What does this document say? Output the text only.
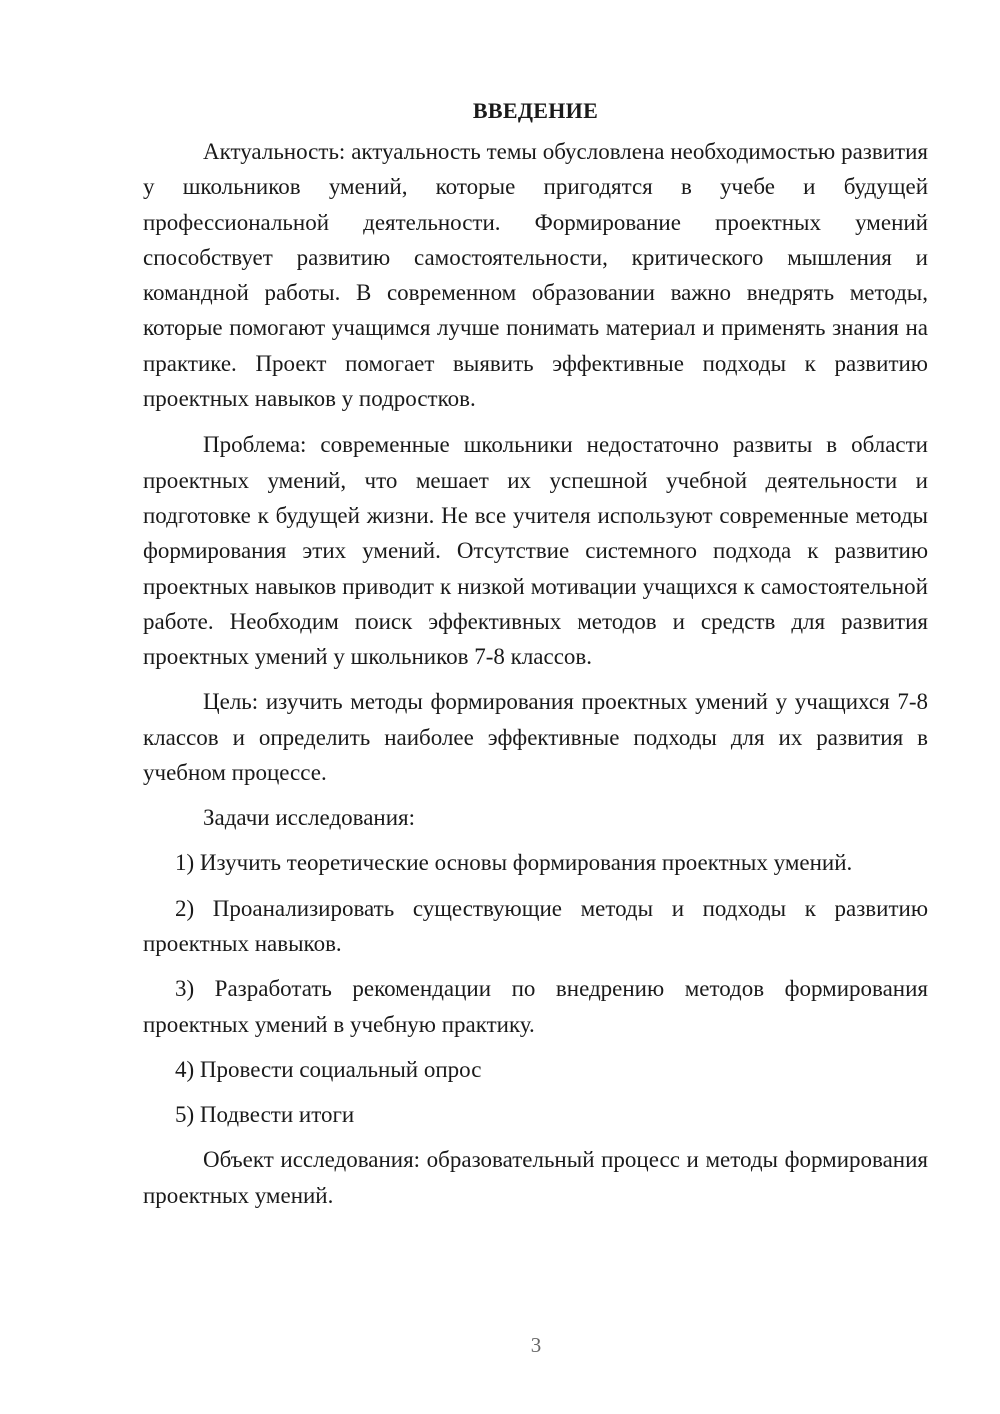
ВВЕДЕНИЕ

Актуальность: актуальность темы обусловлена необходимостью развития у школьников умений, которые пригодятся в учебе и будущей профессиональной деятельности. Формирование проектных умений способствует развитию самостоятельности, критического мышления и командной работы. В современном образовании важно внедрять методы, которые помогают учащимся лучше понимать материал и применять знания на практике. Проект помогает выявить эффективные подходы к развитию проектных навыков у подростков.

Проблема: современные школьники недостаточно развиты в области проектных умений, что мешает их успешной учебной деятельности и подготовке к будущей жизни. Не все учителя используют современные методы формирования этих умений. Отсутствие системного подхода к развитию проектных навыков приводит к низкой мотивации учащихся к самостоятельной работе. Необходим поиск эффективных методов и средств для развития проектных умений у школьников 7-8 классов.

Цель: изучить методы формирования проектных умений у учащихся 7-8 классов и определить наиболее эффективные подходы для их развития в учебном процессе.

Задачи исследования:

1) Изучить теоретические основы формирования проектных умений.

2) Проанализировать существующие методы и подходы к развитию проектных навыков.

3) Разработать рекомендации по внедрению методов формирования проектных умений в учебную практику.

4) Провести социальный опрос

5) Подвести итоги

Объект исследования: образовательный процесс и методы формирования проектных умений.

3
